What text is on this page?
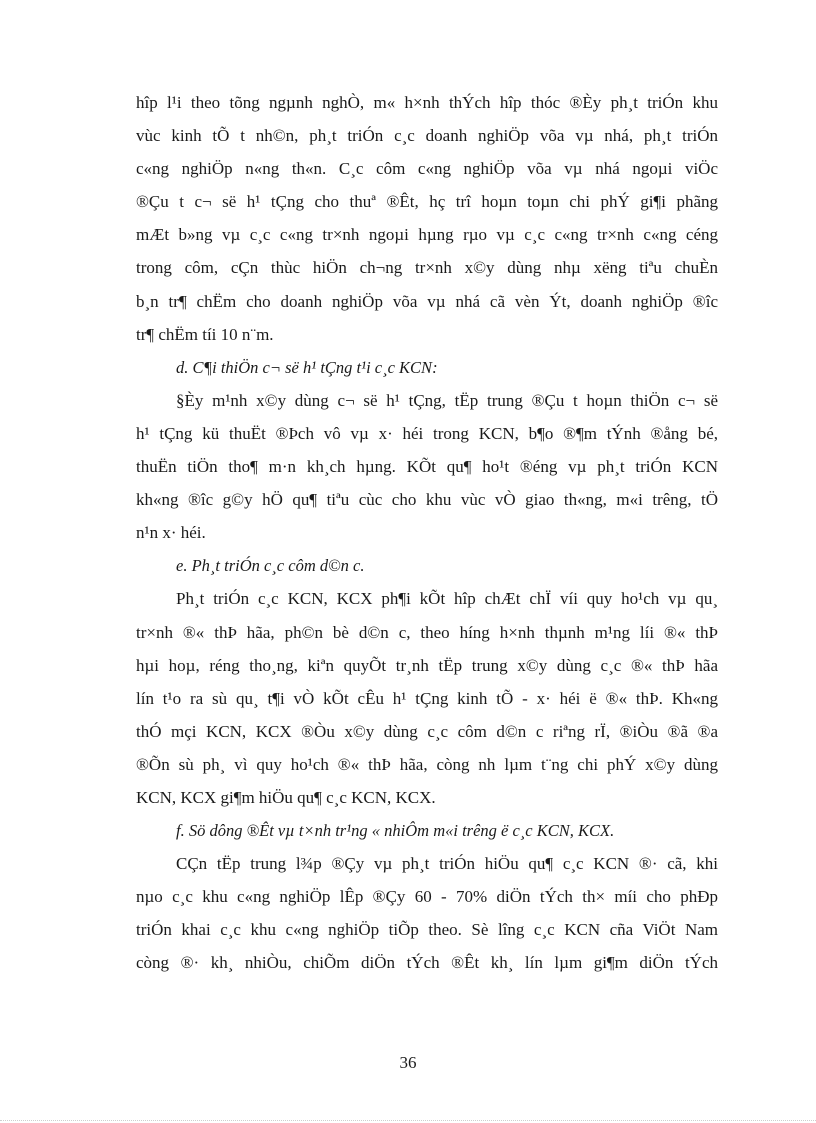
hîp l¹i theo tõng ngµnh nghÒ, m« h×nh thÝch hîp thóc ®Èy ph¸t triÓn khu
vùc kinh tÕ t nh©n, ph¸t triÓn c¸c doanh nghiÖp võa vµ nhá, ph¸t triÓn
c«ng nghiÖp n«ng th«n. C¸c côm c«ng nghiÖp võa vµ nhá ngoµi viÖc
®Çu t c¬ së h¹ tÇng cho thuª ®Êt, hç trî hoµn toµn chi phÝ gi¶i phãng
mÆt b»ng vµ c¸c c«ng tr×nh ngoµi hµng rµo vµ c¸c c«ng tr×nh c«ng céng
trong côm, cÇn thùc hiÖn ch¬ng tr×nh x©y dùng nhµ xëng tiªu chuÈn
b¸n tr¶ chËm cho doanh nghiÖp võa vµ nhá cã vèn Ýt, doanh nghiÖp ®îc
tr¶ chËm tíi 10 n¨m.
d. C¶i thiÖn c¬ së h¹ tÇng t¹i c¸c KCN:
§Èy m¹nh x©y dùng c¬ së h¹ tÇng, tËp trung ®Çu t hoµn thiÖn c¬ së
h¹ tÇng kü thuËt ®Þch vô vµ x· héi trong KCN, b¶o ®¶m tÝnh ®ång bé,
thuËn tiÖn tho¶ m·n kh¸ch hµng. KÕt qu¶ ho¹t ®éng vµ ph¸t triÓn KCN
kh«ng ®îc g©y hÖ qu¶ tiªu cùc cho khu vùc vÒ giao th«ng, m«i trêng, tÖ
n¹n x· héi.
e. Ph¸t triÓn c¸c côm d©n c.
Ph¸t triÓn c¸c KCN, KCX ph¶i kÕt hîp chÆt chÏ víi quy ho¹ch vµ qu¸
tr×nh ®« thÞ hãa, ph©n bè d©n c, theo híng h×nh thµnh m¹ng líi ®« thÞ
hµi hoµ, réng tho¸ng, kiªn quyÕt tr¸nh tËp trung x©y dùng c¸c ®« thÞ hãa
lín t¹o ra sù qu¸ t¶i vÒ kÕt cÊu h¹ tÇng kinh tÕ - x· héi ë ®« thÞ. Kh«ng
thÓ mçi KCN, KCX ®Òu x©y dùng c¸c côm d©n c riªng rÏ, ®iÒu ®ã ®a
®Õn sù ph¸ vì quy ho¹ch ®« thÞ hãa, còng nh lµm t¨ng chi phÝ x©y dùng
KCN, KCX gi¶m hiÖu qu¶ c¸c KCN, KCX.
f. Sö dông ®Êt vµ t×nh tr¹ng « nhiÔm m«i trêng ë c¸c KCN, KCX.
CÇn tËp trung l¾p ®Çy vµ ph¸t triÓn hiÖu qu¶ c¸c KCN ®· cã, khi
nµo c¸c khu c«ng nghiÖp lÊp ®Çy 60 - 70% diÖn tÝch th× míi cho phÐp
triÓn khai c¸c khu c«ng nghiÖp tiÕp theo. Sè lîng c¸c KCN cña ViÖt Nam
còng ®· kh¸ nhiÒu, chiÕm diÖn tÝch ®Êt kh¸ lín lµm gi¶m diÖn tÝch
36
